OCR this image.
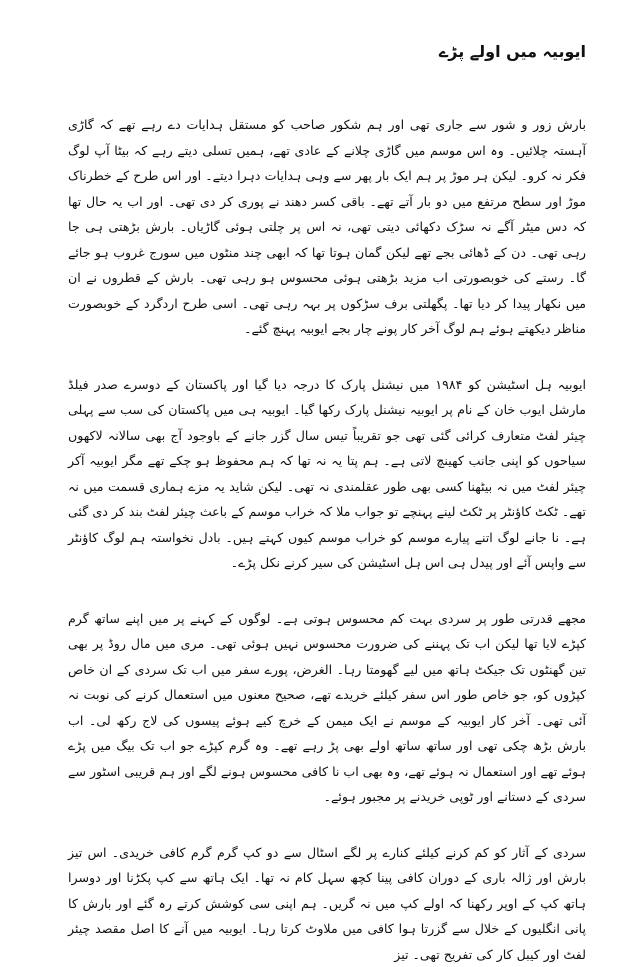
ایوبیہ میں اولے پڑے

بارش زور و شور سے جاری تھی اور ہم شکور صاحب کو مستقل ہدایات دے رہے تھے کہ گاڑی آہستہ چلائیں۔ وہ اس موسم میں گاڑی چلانے کے عادی تھے، ہمیں تسلی دیتے رہے کہ بیٹا آپ لوگ فکر نہ کرو۔ لیکن ہر موڑ پر ہم ایک بار پھر سے وہی ہدایات دہرا دیتے۔ اور اس طرح کے خطرناک موڑ اور سطح مرتفع میں دو بار آتے تھے۔ باقی کسر دھند نے پوری کر دی تھی۔ اور اب یہ حال تھا کہ دس میٹر آگے نہ سڑک دکھائی دیتی تھی، نہ اس پر چلتی ہوئی گاڑیاں۔ بارش بڑھتی ہی جا رہی تھی۔ دن کے ڈھائی بجے تھے لیکن گمان ہوتا تھا کہ ابھی چند منٹوں میں سورج غروب ہو جائے گا۔ رستے کی خوبصورتی اب مزید بڑھتی ہوئی محسوس ہو رہی تھی۔ بارش کے قطروں نے ان میں نکھار پیدا کر دیا تھا۔ پگھلتی برف سڑکوں پر بہہ رہی تھی۔ اسی طرح اردگرد کے خوبصورت مناظر دیکھتے ہوئے ہم لوگ آخر کار پونے چار بجے ایوبیہ پہنچ گئے۔

ایوبیہ ہل اسٹیشن کو ۱۹۸۴ میں نیشنل پارک کا درجہ دیا گیا اور پاکستان کے دوسرے صدر فیلڈ مارشل ایوب خان کے نام پر ایوبیہ نیشنل پارک رکھا گیا۔ ایوبیہ ہی میں پاکستان کی سب سے پہلی چیئر لفٹ متعارف کرائی گئی تھی جو تقریباً تیس سال گزر جانے کے باوجود آج بھی سالانہ لاکھوں سیاحوں کو اپنی جانب کھینچ لاتی ہے۔ ہم پتا یہ نہ تھا کہ ہم محفوظ ہو چکے تھے مگر ایوبیہ آکر چیئر لفٹ میں نہ بیٹھنا کسی بھی طور عقلمندی نہ تھی۔ لیکن شاید یہ مزے ہماری قسمت میں نہ تھے۔ ٹکٹ کاؤنٹر پر ٹکٹ لینے پہنچے تو جواب ملا کہ خراب موسم کے باعث چیئر لفٹ بند کر دی گئی ہے۔ نا جانے لوگ اتنے پیارے موسم کو خراب موسم کیوں کہتے ہیں۔ بادل نخواستہ ہم لوگ کاؤنٹر سے واپس آئے اور پیدل ہی اس ہل اسٹیشن کی سیر کرنے نکل پڑے۔

مجھے قدرتی طور پر سردی بہت کم محسوس ہوتی ہے۔ لوگوں کے کہنے پر میں اپنے ساتھ گرم کپڑے لایا تھا لیکن اب تک پہننے کی ضرورت محسوس نہیں ہوئی تھی۔ مری میں مال روڈ پر بھی تین گھنٹوں تک جیکٹ ہاتھ میں لیے گھومتا رہا۔ الغرض، پورے سفر میں اب تک سردی کے ان خاص کپڑوں کو، جو خاص طور اس سفر کیلئے خریدے تھے، صحیح معنوں میں استعمال کرنے کی نوبت نہ آئی تھی۔ آخر کار ایوبیہ کے موسم نے ایک میمن کے خرچ کیے ہوئے پیسوں کی لاج رکھ لی۔ اب بارش بڑھ چکی تھی اور ساتھ ساتھ اولے بھی پڑ رہے تھے۔ وہ گرم کپڑے جو اب تک بیگ میں پڑے ہوئے تھے اور استعمال نہ ہوئے تھے، وہ بھی اب نا کافی محسوس ہونے لگے اور ہم قریبی اسٹور سے سردی کے دستانے اور ٹوپی خریدنے پر مجبور ہوئے۔

سردی کے آثار کو کم کرنے کیلئے کنارے پر لگے اسٹال سے دو کپ گرم گرم کافی خریدی۔ اس تیز بارش اور ژالہ باری کے دوران کافی پینا کچھ سہل کام نہ تھا۔ ایک ہاتھ سے کپ پکڑنا اور دوسرا ہاتھ کپ کے اوپر رکھنا کہ اولے کپ میں نہ گریں۔ ہم اپنی سی کوشش کرتے رہ گئے اور بارش کا پانی انگلیوں کے خلال سے گزرتا ہوا کافی میں ملاوٹ کرتا رہا۔ ایوبیہ میں آنے کا اصل مقصد چیئر لفٹ اور کیبل کار کی تفریح تھی۔ تیز
